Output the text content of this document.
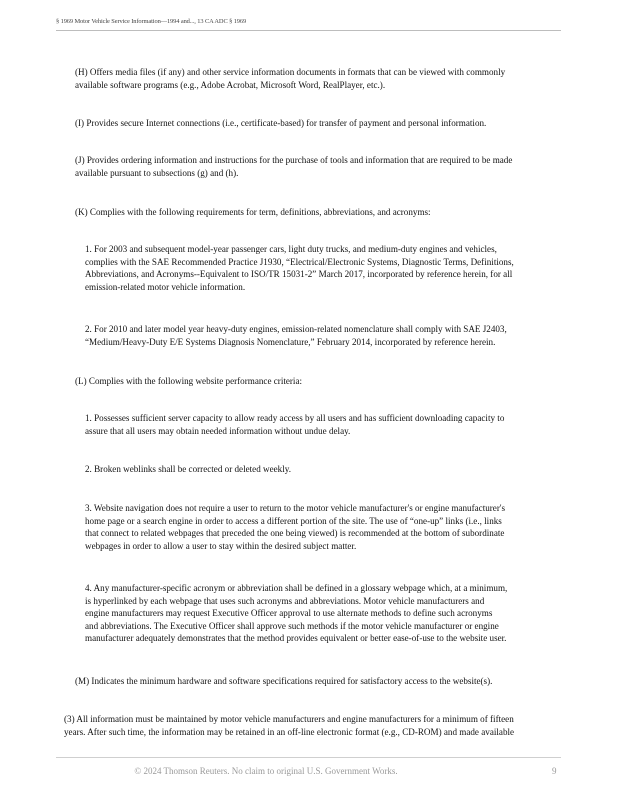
§ 1969 Motor Vehicle Service Information—1994 and..., 13 CA ADC § 1969
(H) Offers media files (if any) and other service information documents in formats that can be viewed with commonly
available software programs (e.g., Adobe Acrobat, Microsoft Word, RealPlayer, etc.).
(I) Provides secure Internet connections (i.e., certificate-based) for transfer of payment and personal information.
(J) Provides ordering information and instructions for the purchase of tools and information that are required to be made
available pursuant to subsections (g) and (h).
(K) Complies with the following requirements for term, definitions, abbreviations, and acronyms:
1. For 2003 and subsequent model-year passenger cars, light duty trucks, and medium-duty engines and vehicles,
complies with the SAE Recommended Practice J1930, “Electrical/Electronic Systems, Diagnostic Terms, Definitions,
Abbreviations, and Acronyms--Equivalent to ISO/TR 15031-2” March 2017, incorporated by reference herein, for all
emission-related motor vehicle information.
2. For 2010 and later model year heavy-duty engines, emission-related nomenclature shall comply with SAE J2403,
“Medium/Heavy-Duty E/E Systems Diagnosis Nomenclature,” February 2014, incorporated by reference herein.
(L) Complies with the following website performance criteria:
1. Possesses sufficient server capacity to allow ready access by all users and has sufficient downloading capacity to
assure that all users may obtain needed information without undue delay.
2. Broken weblinks shall be corrected or deleted weekly.
3. Website navigation does not require a user to return to the motor vehicle manufacturer's or engine manufacturer's
home page or a search engine in order to access a different portion of the site. The use of “one-up” links (i.e., links
that connect to related webpages that preceded the one being viewed) is recommended at the bottom of subordinate
webpages in order to allow a user to stay within the desired subject matter.
4. Any manufacturer-specific acronym or abbreviation shall be defined in a glossary webpage which, at a minimum,
is hyperlinked by each webpage that uses such acronyms and abbreviations. Motor vehicle manufacturers and
engine manufacturers may request Executive Officer approval to use alternate methods to define such acronyms
and abbreviations. The Executive Officer shall approve such methods if the motor vehicle manufacturer or engine
manufacturer adequately demonstrates that the method provides equivalent or better ease-of-use to the website user.
(M) Indicates the minimum hardware and software specifications required for satisfactory access to the website(s).
(3) All information must be maintained by motor vehicle manufacturers and engine manufacturers for a minimum of fifteen
years. After such time, the information may be retained in an off-line electronic format (e.g., CD-ROM) and made available
© 2024 Thomson Reuters. No claim to original U.S. Government Works.	9
